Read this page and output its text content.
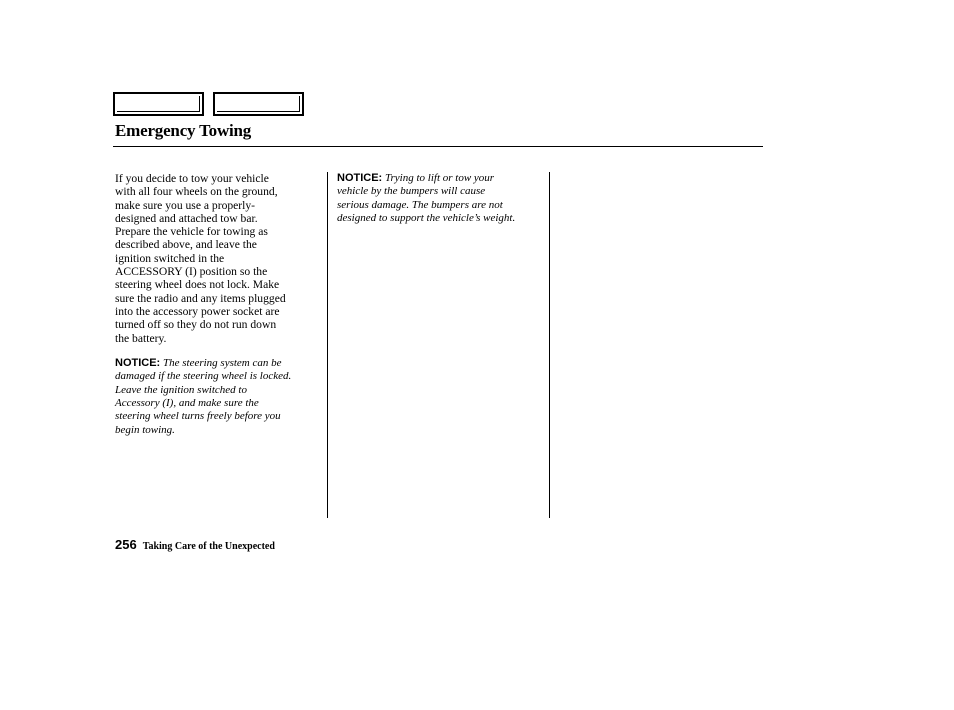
Emergency Towing

If you decide to tow your vehicle
with all four wheels on the ground,
make sure you use a properly-
designed and attached tow bar.
Prepare the vehicle for towing as
described above, and leave the
ignition switched in the
ACCESSORY (I) position so the
steering wheel does not lock. Make
sure the radio and any items plugged
into the accessory power socket are
turned off so they do not run down
the battery.

NOTICE: The steering system can be
damaged if the steering wheel is locked.
Leave the ignition switched to
Accessory (I), and make sure the
steering wheel turns freely before you
begin towing.

NOTICE: Trying to lift or tow your
vehicle by the bumpers will cause
serious damage. The bumpers are not
designed to support the vehicle’s weight.

256 Taking Care of the Unexpected
